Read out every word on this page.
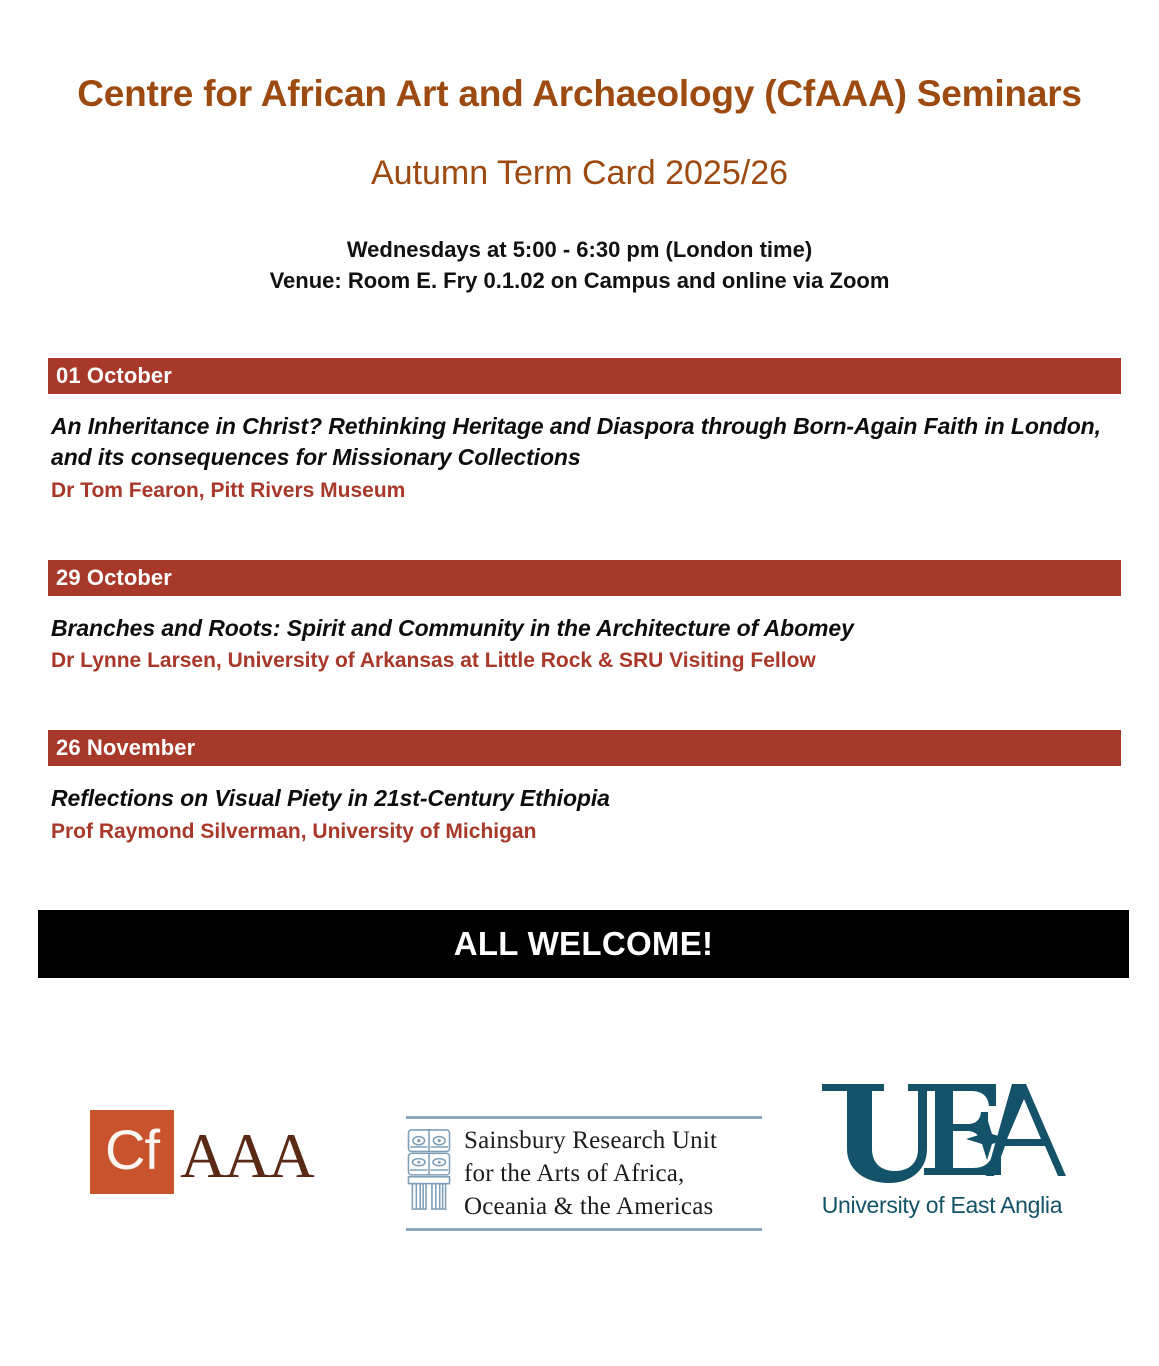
Centre for African Art and Archaeology (CfAAA) Seminars
Autumn Term Card 2025/26
Wednesdays at 5:00 - 6:30 pm (London time)
Venue: Room E. Fry 0.1.02 on Campus and online via Zoom
01 October
An Inheritance in Christ? Rethinking Heritage and Diaspora through Born-Again Faith in London, and its consequences for Missionary Collections
Dr Tom Fearon, Pitt Rivers Museum
29 October
Branches and Roots: Spirit and Community in the Architecture of Abomey
Dr Lynne Larsen, University of Arkansas at Little Rock & SRU Visiting Fellow
26 November
Reflections on Visual Piety in 21st-Century Ethiopia
Prof Raymond Silverman, University of Michigan
ALL WELCOME!
Cf AAA	Sainsbury Research Unit
for the Arts of Africa,
Oceania & the Americas	University of East Anglia
